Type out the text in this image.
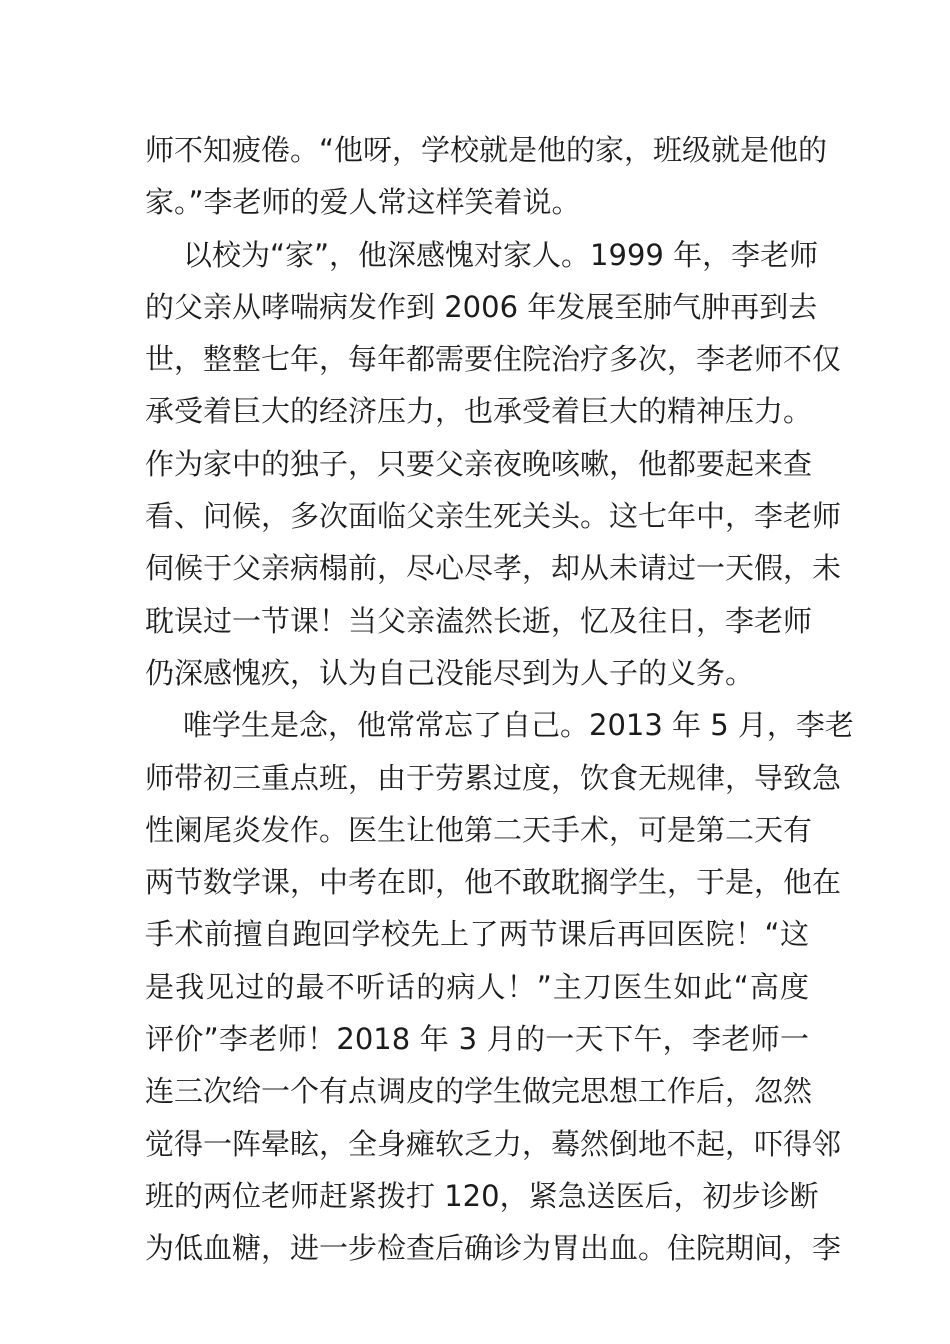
师不知疲倦。“他呀，学校就是他的家，班级就是他的
家。”李老师的爱人常这样笑着说。
以校为“家”，他深感愧对家人。1999 年，李老师
的父亲从哮喘病发作到 2006 年发展至肺气肿再到去
世，整整七年，每年都需要住院治疗多次，李老师不仅
承受着巨大的经济压力，也承受着巨大的精神压力。
作为家中的独子，只要父亲夜晚咳嗽，他都要起来查
看、问候，多次面临父亲生死关头。这七年中，李老师
伺候于父亲病榻前，尽心尽孝，却从未请过一天假，未
耽误过一节课！当父亲溘然长逝，忆及往日，李老师
仍深感愧疚，认为自己没能尽到为人子的义务。
唯学生是念，他常常忘了自己。2013 年 5 月，李老
师带初三重点班，由于劳累过度，饮食无规律，导致急
性阑尾炎发作。医生让他第二天手术，可是第二天有
两节数学课，中考在即，他不敢耽搁学生，于是，他在
手术前擅自跑回学校先上了两节课后再回医院！“这
是我见过的最不听话的病人！”主刀医生如此“高度
评价”李老师！2018 年 3 月的一天下午，李老师一
连三次给一个有点调皮的学生做完思想工作后，忽然
觉得一阵晕眩，全身瘫软乏力，蓦然倒地不起，吓得邻
班的两位老师赶紧拨打 120，紧急送医后，初步诊断
为低血糖，进一步检查后确诊为胃出血。住院期间，李
